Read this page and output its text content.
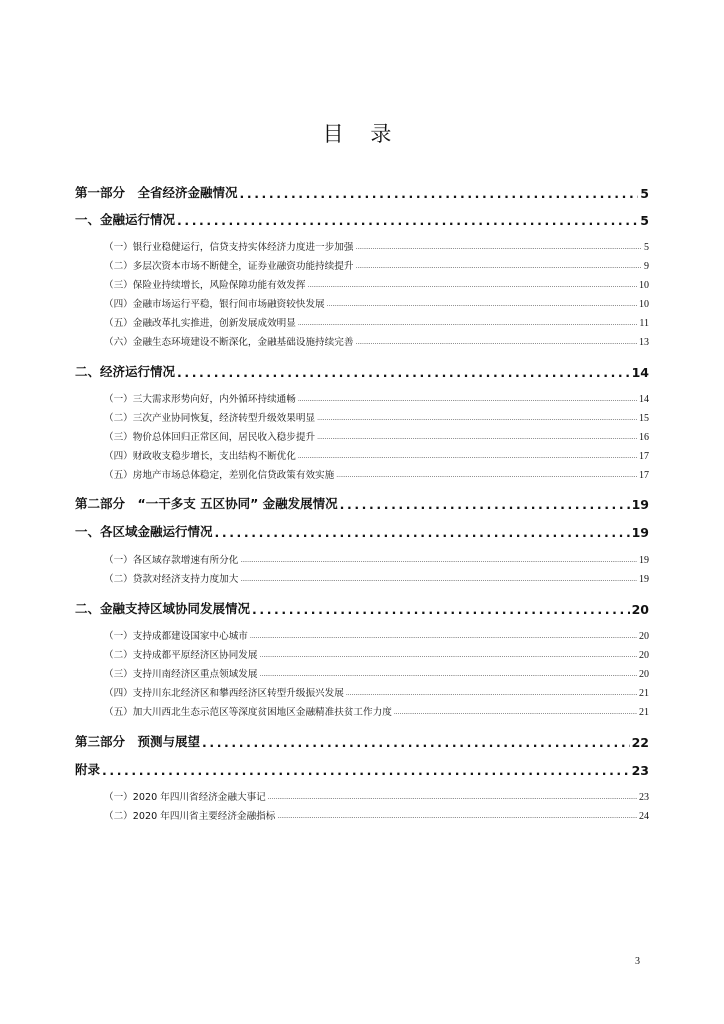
目 录
第一部分　全省经济金融情况 .....	5
一、金融运行情况 .....	5
（一）银行业稳健运行，信贷支持实体经济力度进一步加强 .....	5
（二）多层次资本市场不断健全，证券业融资功能持续提升 .....	9
（三）保险业持续增长，风险保障功能有效发挥 .....	10
（四）金融市场运行平稳，银行间市场融资较快发展 .....	10
（五）金融改革扎实推进，创新发展成效明显 .....	11
（六）金融生态环境建设不断深化，金融基础设施持续完善 .....	13
二、经济运行情况 .....	14
（一）三大需求形势向好，内外循环持续通畅 .....	14
（二）三次产业协同恢复，经济转型升级效果明显 .....	15
（三）物价总体回归正常区间，居民收入稳步提升 .....	16
（四）财政收支稳步增长，支出结构不断优化 .....	17
（五）房地产市场总体稳定，差别化信贷政策有效实施 .....	17
第二部分　“一干多支 五区协同” 金融发展情况 .....	19
一、各区域金融运行情况 .....	19
（一）各区域存款增速有所分化 .....	19
（二）贷款对经济支持力度加大 .....	19
二、金融支持区域协同发展情况 .....	20
（一）支持成都建设国家中心城市 .....	20
（二）支持成都平原经济区协同发展 .....	20
（三）支持川南经济区重点领域发展 .....	20
（四）支持川东北经济区和攀西经济区转型升级振兴发展 .....	21
（五）加大川西北生态示范区等深度贫困地区金融精准扶贫工作力度 .....	21
第三部分　预测与展望 .....	22
附录 .....	23
（一）2020 年四川省经济金融大事记 .....	23
（二）2020 年四川省主要经济金融指标 .....	24
3
